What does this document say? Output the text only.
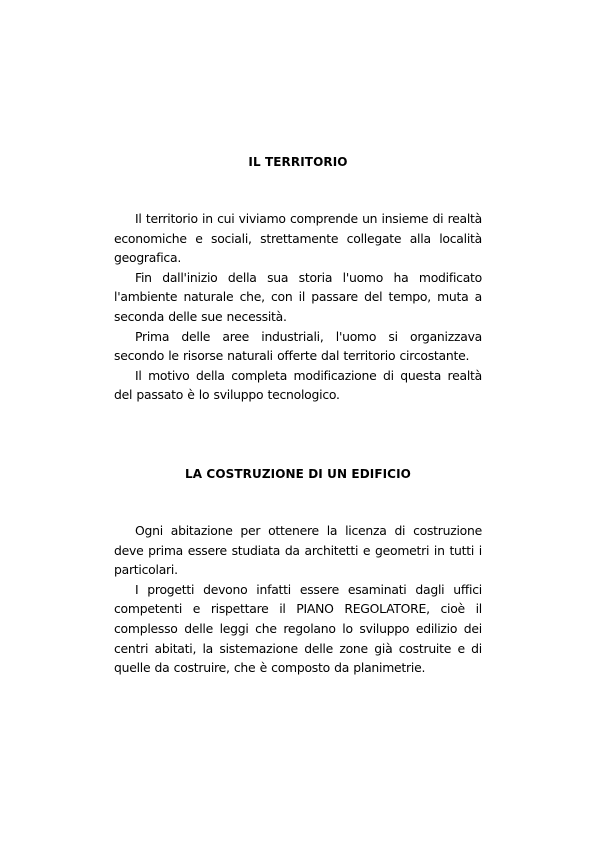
IL TERRITORIO

Il territorio in cui viviamo comprende un insieme di realtà economiche e sociali, strettamente collegate alla località geografica.

Fin dall'inizio della sua storia l'uomo ha modificato l'ambiente naturale che, con il passare del tempo, muta a seconda delle sue necessità.

Prima delle aree industriali, l'uomo si organizzava secondo le risorse naturali offerte dal territorio circostante.

Il motivo della completa modificazione di questa realtà del passato è lo sviluppo tecnologico.

LA COSTRUZIONE DI UN EDIFICIO

Ogni abitazione per ottenere la licenza di costruzione deve prima essere studiata da architetti e geometri in tutti i particolari.

I progetti devono infatti essere esaminati dagli uffici competenti e rispettare il PIANO REGOLATORE, cioè il complesso delle leggi che regolano lo sviluppo edilizio dei centri abitati, la sistemazione delle zone già costruite e di quelle da costruire, che è composto da planimetrie.
